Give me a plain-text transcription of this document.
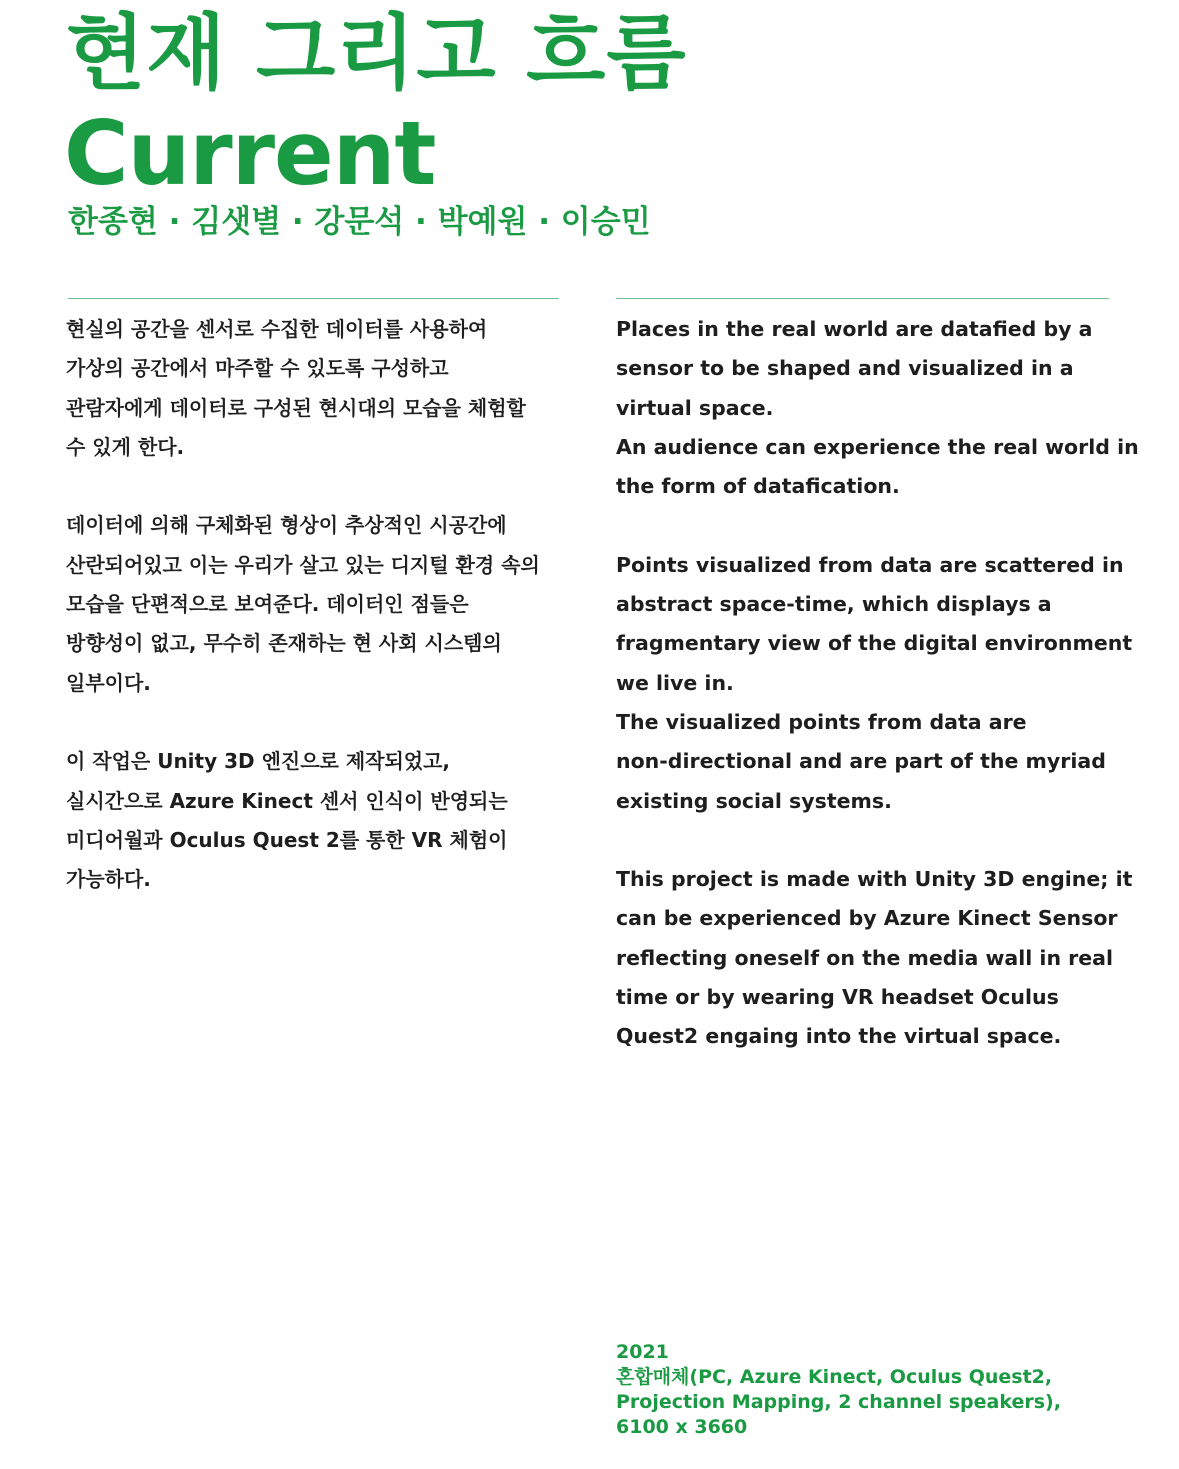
현재 그리고 흐름
Current
한종현 · 김샛별 · 강문석 · 박예원 · 이승민
현실의 공간을 센서로 수집한 데이터를 사용하여
가상의 공간에서 마주할 수 있도록 구성하고
관람자에게 데이터로 구성된 현시대의 모습을 체험할
수 있게 한다.
데이터에 의해 구체화된 형상이 추상적인 시공간에
산란되어있고 이는 우리가 살고 있는 디지털 환경 속의
모습을 단편적으로 보여준다. 데이터인 점들은
방향성이 없고, 무수히 존재하는 현 사회 시스템의
일부이다.
이 작업은 Unity 3D 엔진으로 제작되었고,
실시간으로 Azure Kinect 센서 인식이 반영되는
미디어월과 Oculus Quest 2를 통한 VR 체험이
가능하다.
Places in the real world are datafied by a
sensor to be shaped and visualized in a
virtual space.
An audience can experience the real world in
the form of datafication.
Points visualized from data are scattered in
abstract space-time, which displays a
fragmentary view of the digital environment
we live in.
The visualized points from data are
non-directional and are part of the myriad
existing social systems.
This project is made with Unity 3D engine; it
can be experienced by Azure Kinect Sensor
reflecting oneself on the media wall in real
time or by wearing VR headset Oculus
Quest2 engaing into the virtual space.
2021
혼합매체(PC, Azure Kinect, Oculus Quest2,
Projection Mapping, 2 channel speakers),
6100 x 3660
